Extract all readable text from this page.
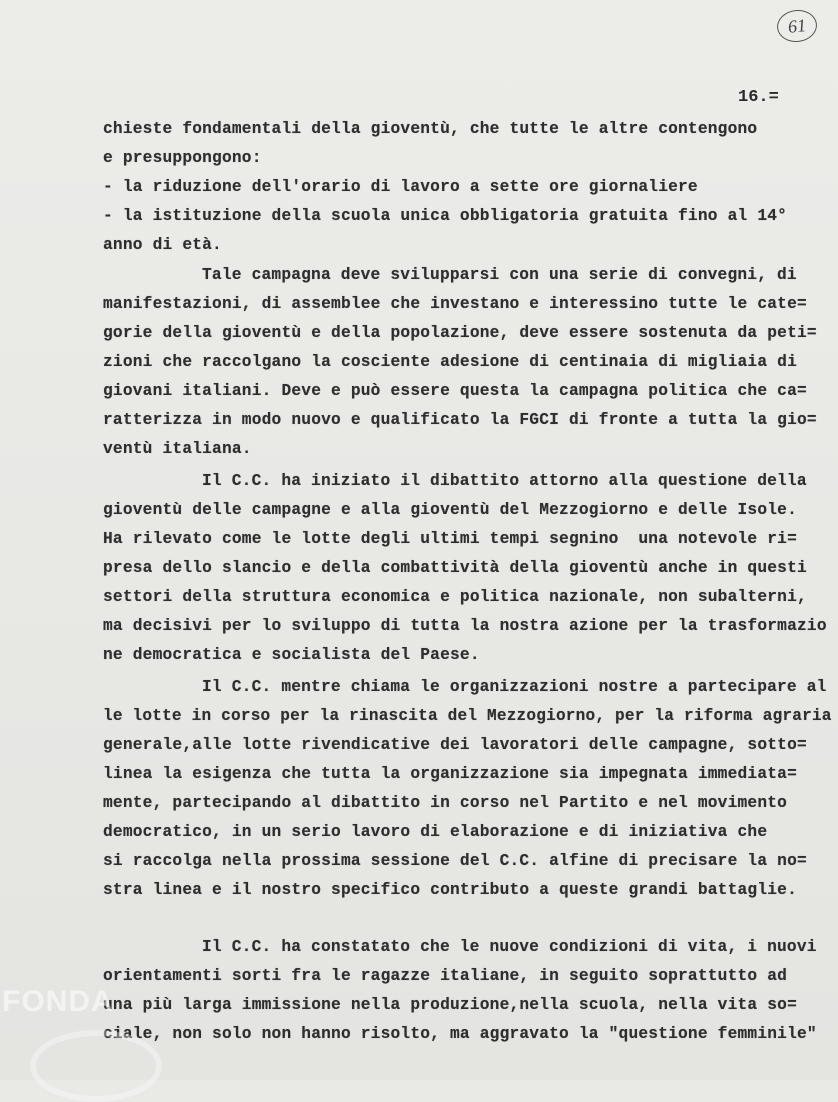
61
16.=
chieste fondamentali della gioventù, che tutte le altre contengono
e presuppongono:
- la riduzione dell'orario di lavoro a sette ore giornaliere
- la istituzione della scuola unica obbligatoria gratuita fino al 14°
anno di età.
Tale campagna deve svilupparsi con una serie di convegni, di
manifestazioni, di assemblee che investano e interessino tutte le cate=
gorie della gioventù e della popolazione, deve essere sostenuta da peti=
zioni che raccolgano la cosciente adesione di centinaia di migliaia di
giovani italiani. Deve e può essere questa la campagna politica che ca=
ratterizza in modo nuovo e qualificato la FGCI di fronte a tutta la gio=
ventù italiana.
Il C.C. ha iniziato il dibattito attorno alla questione della
gioventù delle campagne e alla gioventù del Mezzogiorno e delle Isole.
Ha rilevato come le lotte degli ultimi tempi segnino  una notevole ri=
presa dello slancio e della combattività della gioventù anche in questi
settori della struttura economica e politica nazionale, non subalterni,
ma decisivi per lo sviluppo di tutta la nostra azione per la trasformazio
ne democratica e socialista del Paese.
Il C.C. mentre chiama le organizzazioni nostre a partecipare al
le lotte in corso per la rinascita del Mezzogiorno, per la riforma agraria
generale,alle lotte rivendicative dei lavoratori delle campagne, sotto=
linea la esigenza che tutta la organizzazione sia impegnata immediata=
mente, partecipando al dibattito in corso nel Partito e nel movimento
democratico, in un serio lavoro di elaborazione e di iniziativa che
si raccolga nella prossima sessione del C.C. alfine di precisare la no=
stra linea e il nostro specifico contributo a queste grandi battaglie.
Il C.C. ha constatato che le nuove condizioni di vita, i nuovi
orientamenti sorti fra le ragazze italiane, in seguito soprattutto ad
una più larga immissione nella produzione,nella scuola, nella vita so=
ciale, non solo non hanno risolto, ma aggravato la "questione femminile"
FONDA
